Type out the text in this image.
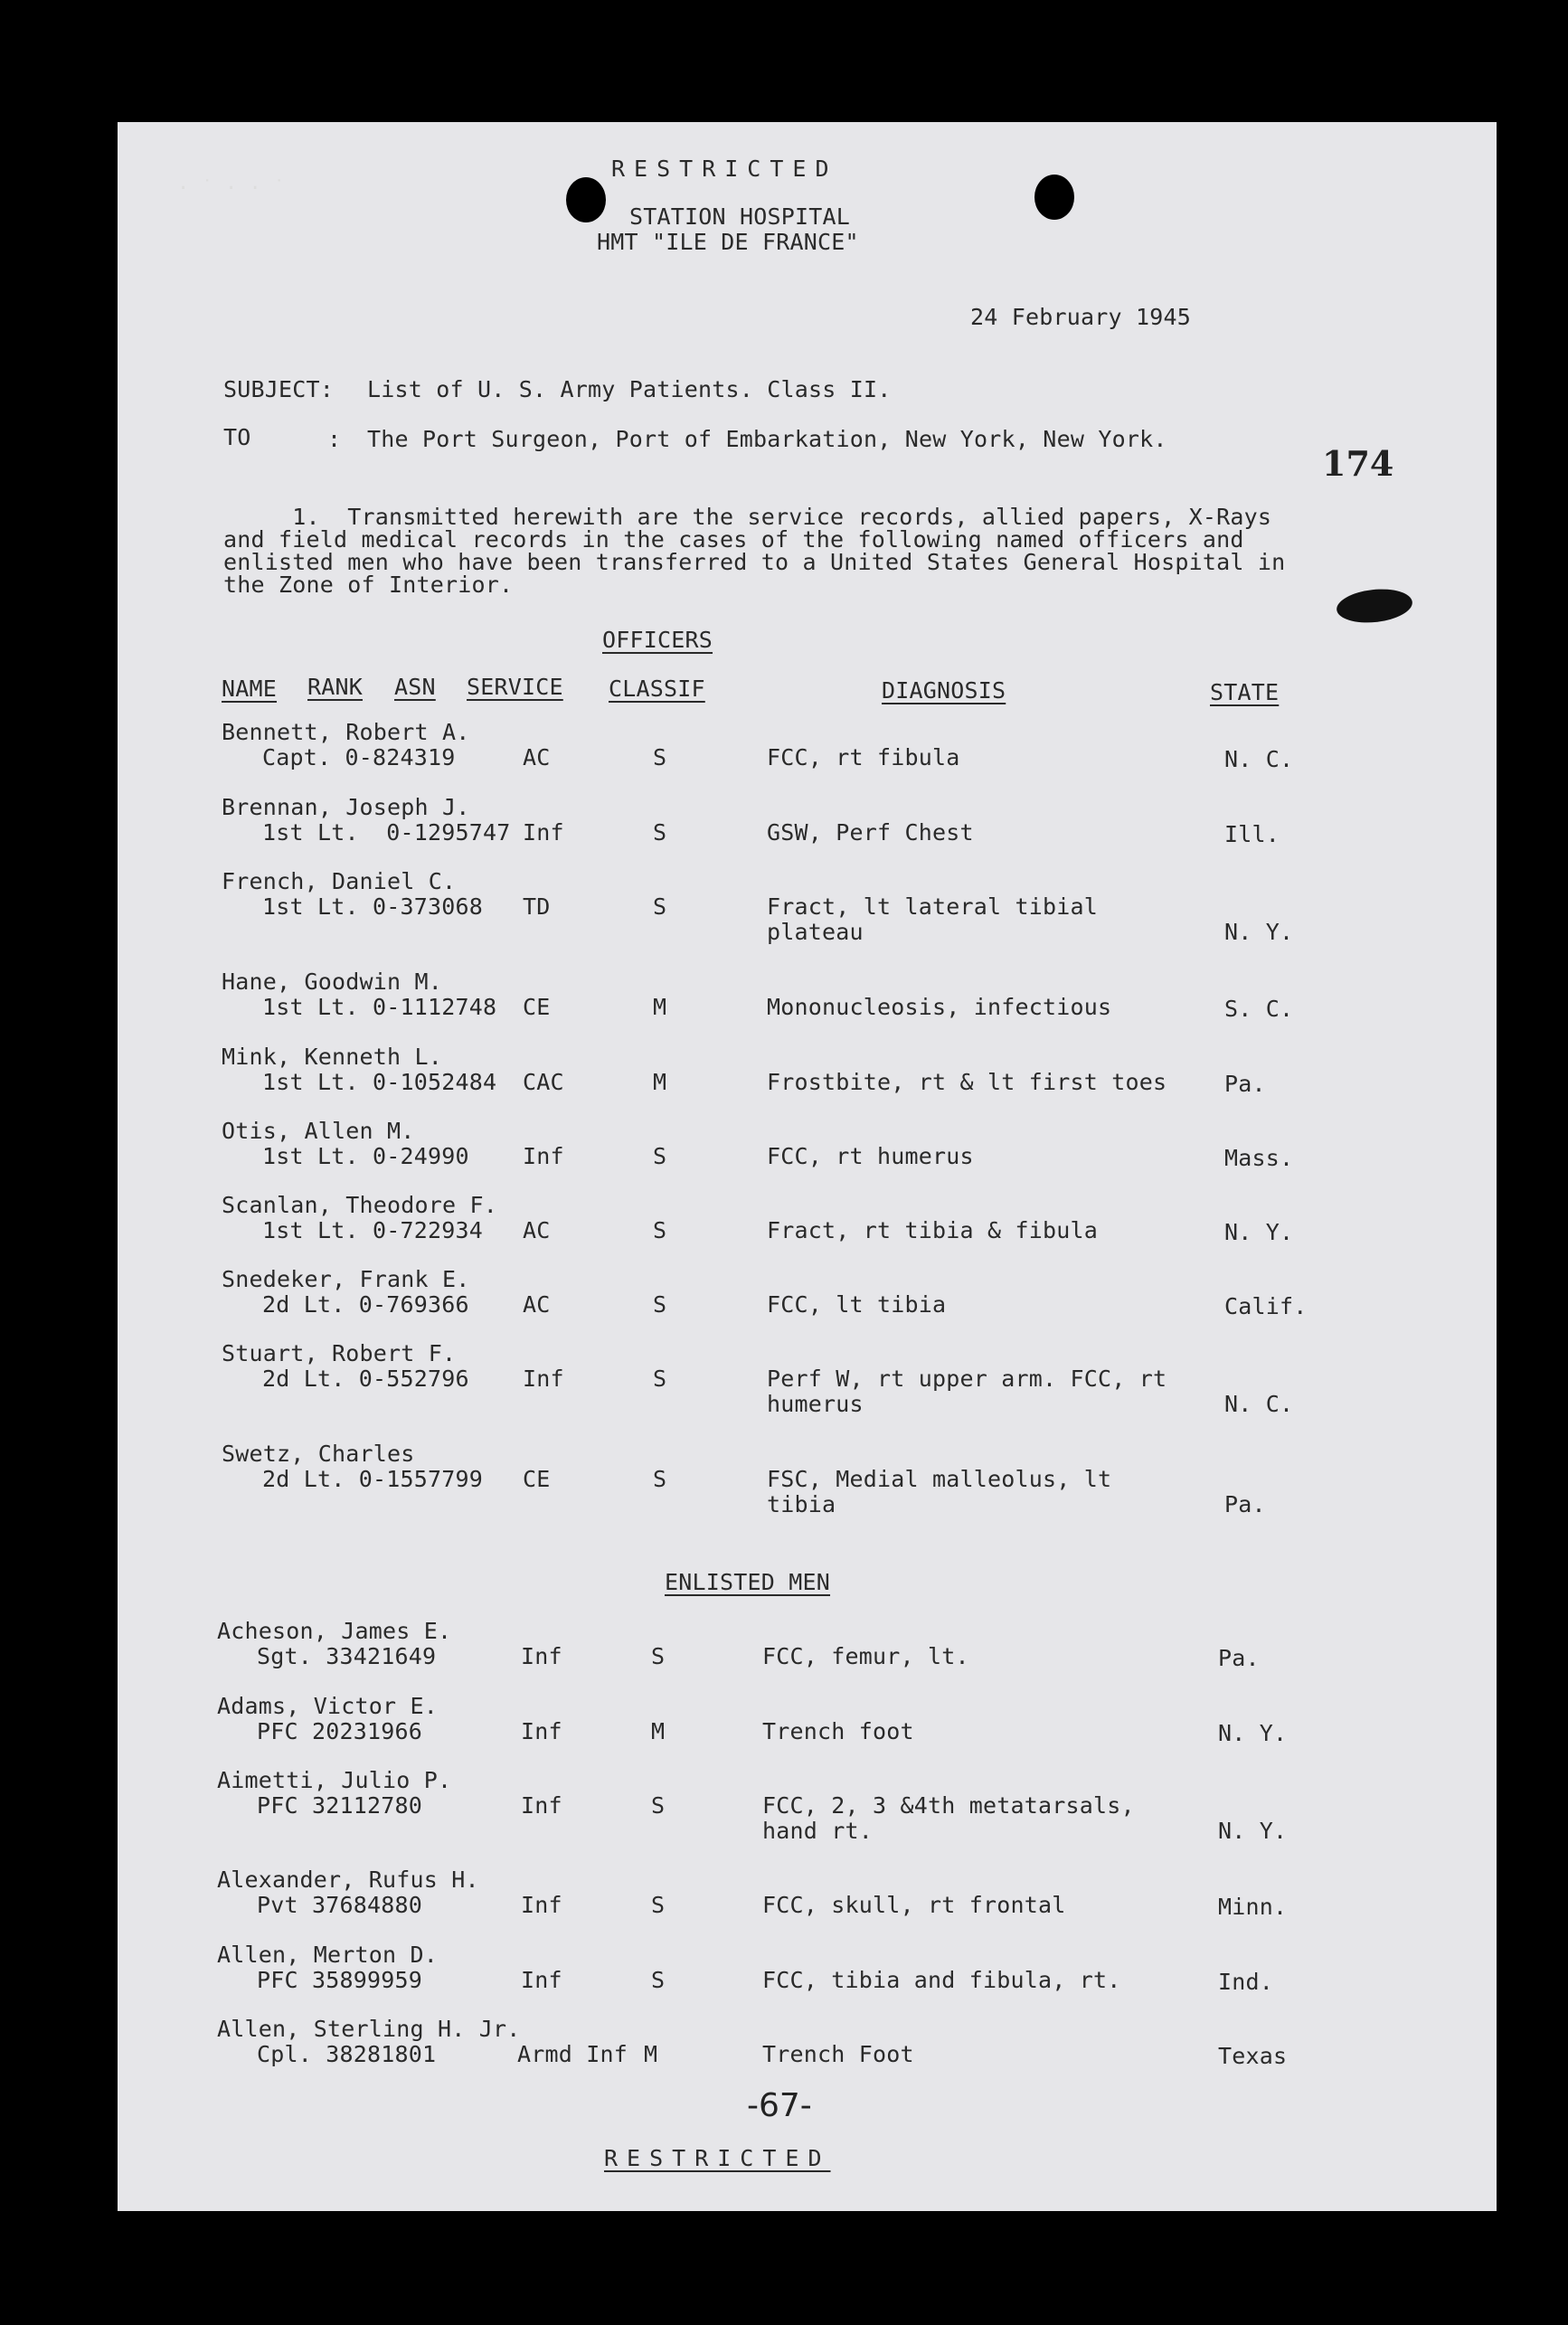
· ˙ · · ˙
RESTRICTED
STATION HOSPITAL
HMT "ILE DE FRANCE"
24 February 1945
174
SUBJECT: List of U. S. Army Patients. Class II.
TO	: The Port Surgeon, Port of Embarkation, New York, New York.
1.  Transmitted herewith are the service records, allied papers, X-Rays
and field medical records in the cases of the following named officers and
enlisted men who have been transferred to a United States General Hospital in
the Zone of Interior.
OFFICERS
NAME RANK ASN SERVICE CLASSIF	DIAGNOSIS	STATE
Bennett, Robert A.
Capt. 0-824319	AC	S	FCC, rt fibula	N. C.
Brennan, Joseph J.
1st Lt.  0-1295747 Inf	S	GSW, Perf Chest	Ill.
French, Daniel C.
1st Lt. 0-373068 TD	S	Fract, lt lateral tibial
plateau	N. Y.
Hane, Goodwin M.
1st Lt. 0-1112748 CE	M	Mononucleosis, infectious	S. C.
Mink, Kenneth L.
1st Lt. 0-1052484 CAC	M	Frostbite, rt & lt first toes	Pa.
Otis, Allen M.
1st Lt. 0-24990 Inf	S	FCC, rt humerus	Mass.
Scanlan, Theodore F.
1st Lt. 0-722934 AC	S	Fract, rt tibia & fibula	N. Y.
Snedeker, Frank E.
2d Lt. 0-769366 AC	S	FCC, lt tibia	Calif.
Stuart, Robert F.
2d Lt. 0-552796 Inf	S	Perf W, rt upper arm. FCC, rt
humerus	N. C.
Swetz, Charles
2d Lt. 0-1557799 CE	S	FSC, Medial malleolus, lt
tibia	Pa.
ENLISTED MEN
Acheson, James E.
Sgt. 33421649	Inf	S	FCC, femur, lt.	Pa.
Adams, Victor E.
PFC 20231966	Inf	M	Trench foot	N. Y.
Aimetti, Julio P.
PFC 32112780	Inf	S	FCC, 2, 3 &4th metatarsals,
hand rt.	N. Y.
Alexander, Rufus H.
Pvt 37684880	Inf	S	FCC, skull, rt frontal	Minn.
Allen, Merton D.
PFC 35899959	Inf	S	FCC, tibia and fibula, rt.	Ind.
Allen, Sterling H. Jr.
Cpl. 38281801	Armd Inf M	Trench Foot	Texas
-67-
RESTRICTED
